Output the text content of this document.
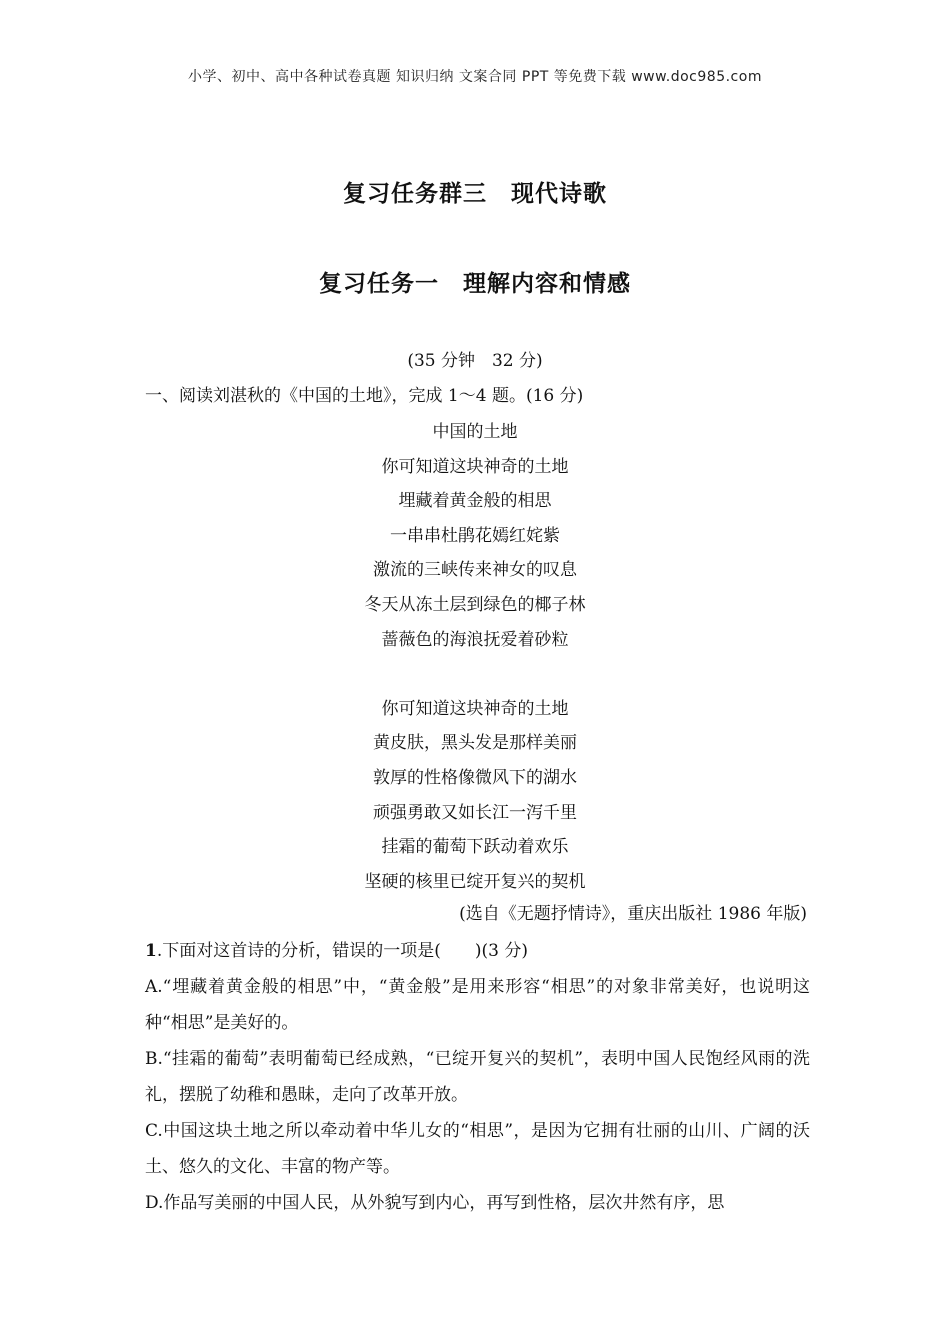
小学、初中、高中各种试卷真题 知识归纳 文案合同 PPT 等免费下载 www.doc985.com
复习任务群三　现代诗歌
复习任务一　理解内容和情感
(35 分钟　32 分)
一、阅读刘湛秋的《中国的土地》，完成 1～4 题。(16 分)
中国的土地
你可知道这块神奇的土地
埋藏着黄金般的相思
一串串杜鹃花嫣红姹紫
激流的三峡传来神女的叹息
冬天从冻土层到绿色的椰子林
蔷薇色的海浪抚爱着砂粒
你可知道这块神奇的土地
黄皮肤，黑头发是那样美丽
敦厚的性格像微风下的湖水
顽强勇敢又如长江一泻千里
挂霜的葡萄下跃动着欢乐
坚硬的核里已绽开复兴的契机
(选自《无题抒情诗》，重庆出版社 1986 年版)
1.下面对这首诗的分析，错误的一项是(　　)(3 分)
A.“埋藏着黄金般的相思”中，“黄金般”是用来形容“相思”的对象非常美好，也说明这种“相思”是美好的。
B.“挂霜的葡萄”表明葡萄已经成熟，“已绽开复兴的契机”，表明中国人民饱经风雨的洗礼，摆脱了幼稚和愚昧，走向了改革开放。
C.中国这块土地之所以牵动着中华儿女的“相思”，是因为它拥有壮丽的山川、广阔的沃土、悠久的文化、丰富的物产等。
D.作品写美丽的中国人民，从外貌写到内心，再写到性格，层次井然有序，思
